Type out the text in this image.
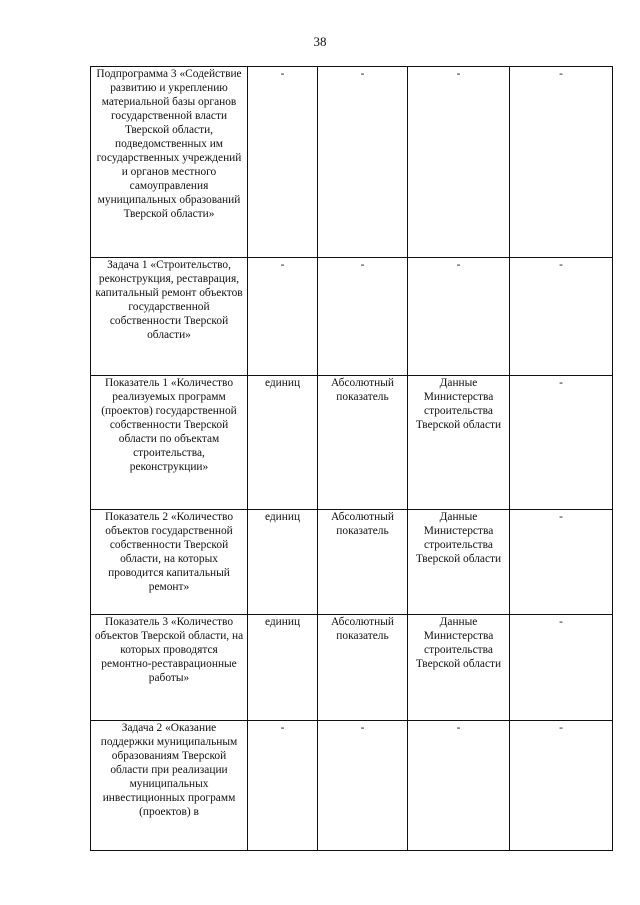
38
Подпрограмма 3 «Содействие развитию и укреплению материальной базы органов государственной власти Тверской области, подведомственных им государственных учреждений и органов местного самоуправления муниципальных образований Тверской области»	-	-	-	-
Задача 1 «Строительство, реконструкция, реставрация, капитальный ремонт объектов государственной собственности Тверской области»	-	-	-	-
Показатель 1 «Количество реализуемых программ (проектов) государственной собственности Тверской области по объектам строительства, реконструкции»	единиц	Абсолютный показатель	Данные Министерства строительства Тверской области	-
Показатель 2 «Количество объектов государственной собственности Тверской области, на которых проводится капитальный ремонт»	единиц	Абсолютный показатель	Данные Министерства строительства Тверской области	-
Показатель 3 «Количество объектов Тверской области, на которых проводятся ремонтно-реставрационные работы»	единиц	Абсолютный показатель	Данные Министерства строительства Тверской области	-
Задача 2 «Оказание поддержки муниципальным образованиям Тверской области при реализации муниципальных инвестиционных программ (проектов) в	-	-	-	-
